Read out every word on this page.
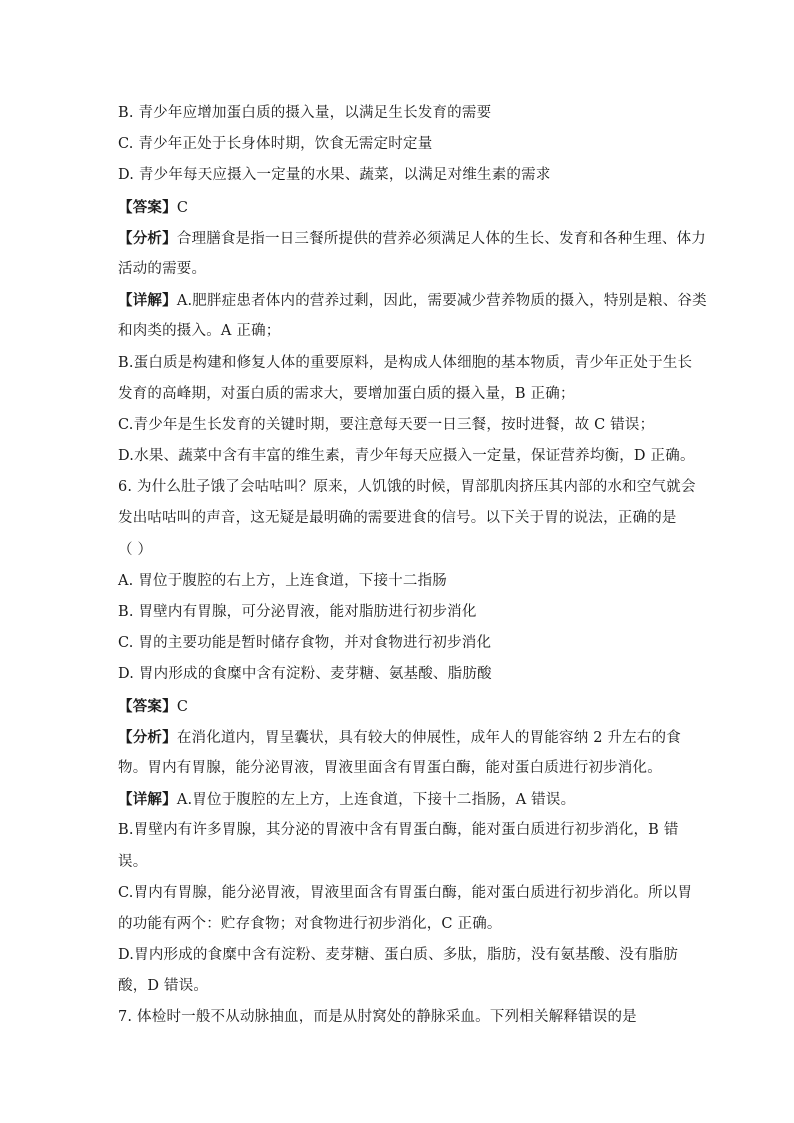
B. 青少年应增加蛋白质的摄入量，以满足生长发育的需要
C. 青少年正处于长身体时期，饮食无需定时定量
D. 青少年每天应摄入一定量的水果、蔬菜，以满足对维生素的需求
【答案】C
【分析】合理膳食是指一日三餐所提供的营养必须满足人体的生长、发育和各种生理、体力
活动的需要。
【详解】A.肥胖症患者体内的营养过剩，因此，需要减少营养物质的摄入，特别是粮、谷类
和肉类的摄入。A 正确；
B.蛋白质是构建和修复人体的重要原料，是构成人体细胞的基本物质，青少年正处于生长
发育的高峰期，对蛋白质的需求大，要增加蛋白质的摄入量，B 正确；
C.青少年是生长发育的关键时期，要注意每天要一日三餐，按时进餐，故 C 错误；
D.水果、蔬菜中含有丰富的维生素，青少年每天应摄入一定量，保证营养均衡，D 正确。
6. 为什么肚子饿了会咕咕叫？原来，人饥饿的时候，胃部肌肉挤压其内部的水和空气就会
发出咕咕叫的声音，这无疑是最明确的需要进食的信号。以下关于胃的说法，正确的是
（ ）
A. 胃位于腹腔的右上方，上连食道，下接十二指肠
B. 胃壁内有胃腺，可分泌胃液，能对脂肪进行初步消化
C. 胃的主要功能是暂时储存食物，并对食物进行初步消化
D. 胃内形成的食糜中含有淀粉、麦芽糖、氨基酸、脂肪酸
【答案】C
【分析】在消化道内，胃呈囊状，具有较大的伸展性，成年人的胃能容纳 2 升左右的食
物。胃内有胃腺，能分泌胃液，胃液里面含有胃蛋白酶，能对蛋白质进行初步消化。
【详解】A.胃位于腹腔的左上方，上连食道，下接十二指肠，A 错误。
B.胃壁内有许多胃腺，其分泌的胃液中含有胃蛋白酶，能对蛋白质进行初步消化，B 错
误。
C.胃内有胃腺，能分泌胃液，胃液里面含有胃蛋白酶，能对蛋白质进行初步消化。所以胃
的功能有两个：贮存食物；对食物进行初步消化，C 正确。
D.胃内形成的食糜中含有淀粉、麦芽糖、蛋白质、多肽，脂肪，没有氨基酸、没有脂肪
酸，D 错误。
7. 体检时一般不从动脉抽血，而是从肘窝处的静脉采血。下列相关解释错误的是
